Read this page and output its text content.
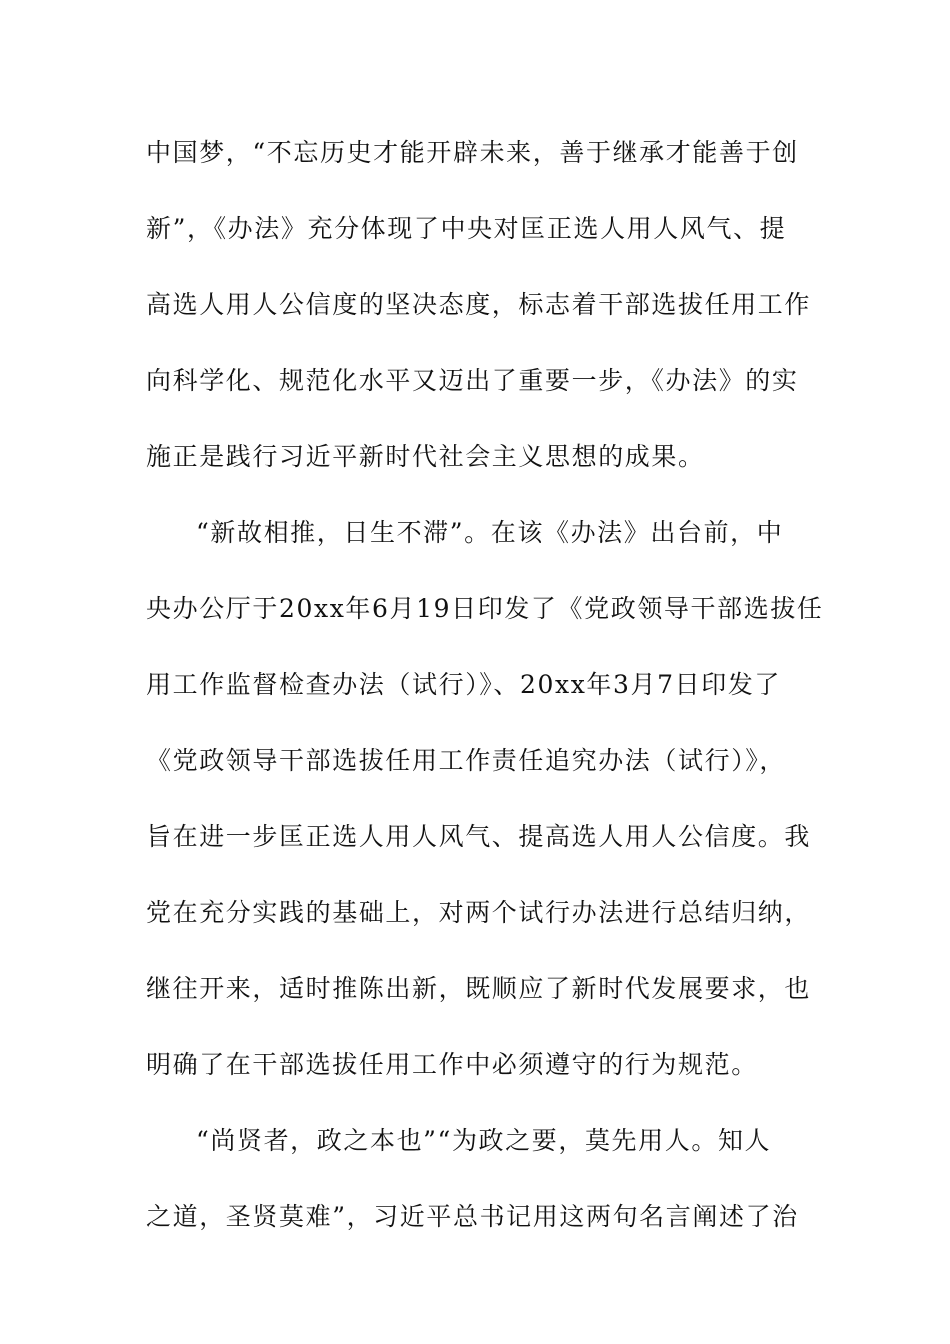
中国梦，“不忘历史才能开辟未来，善于继承才能善于创
新”，《办法》充分体现了中央对匡正选人用人风气、提
高选人用人公信度的坚决态度，标志着干部选拔任用工作
向科学化、规范化水平又迈出了重要一步，《办法》的实
施正是践行习近平新时代社会主义思想的成果。
“新故相推，日生不滞”。在该《办法》出台前，中
央办公厅于20xx年6月19日印发了《党政领导干部选拔任
用工作监督检查办法（试行）》、20xx年3月7日印发了
《党政领导干部选拔任用工作责任追究办法（试行）》，
旨在进一步匡正选人用人风气、提高选人用人公信度。我
党在充分实践的基础上，对两个试行办法进行总结归纳，
继往开来，适时推陈出新，既顺应了新时代发展要求，也
明确了在干部选拔任用工作中必须遵守的行为规范。
“尚贤者，政之本也”“为政之要，莫先用人。知人
之道，圣贤莫难”，习近平总书记用这两句名言阐述了治
